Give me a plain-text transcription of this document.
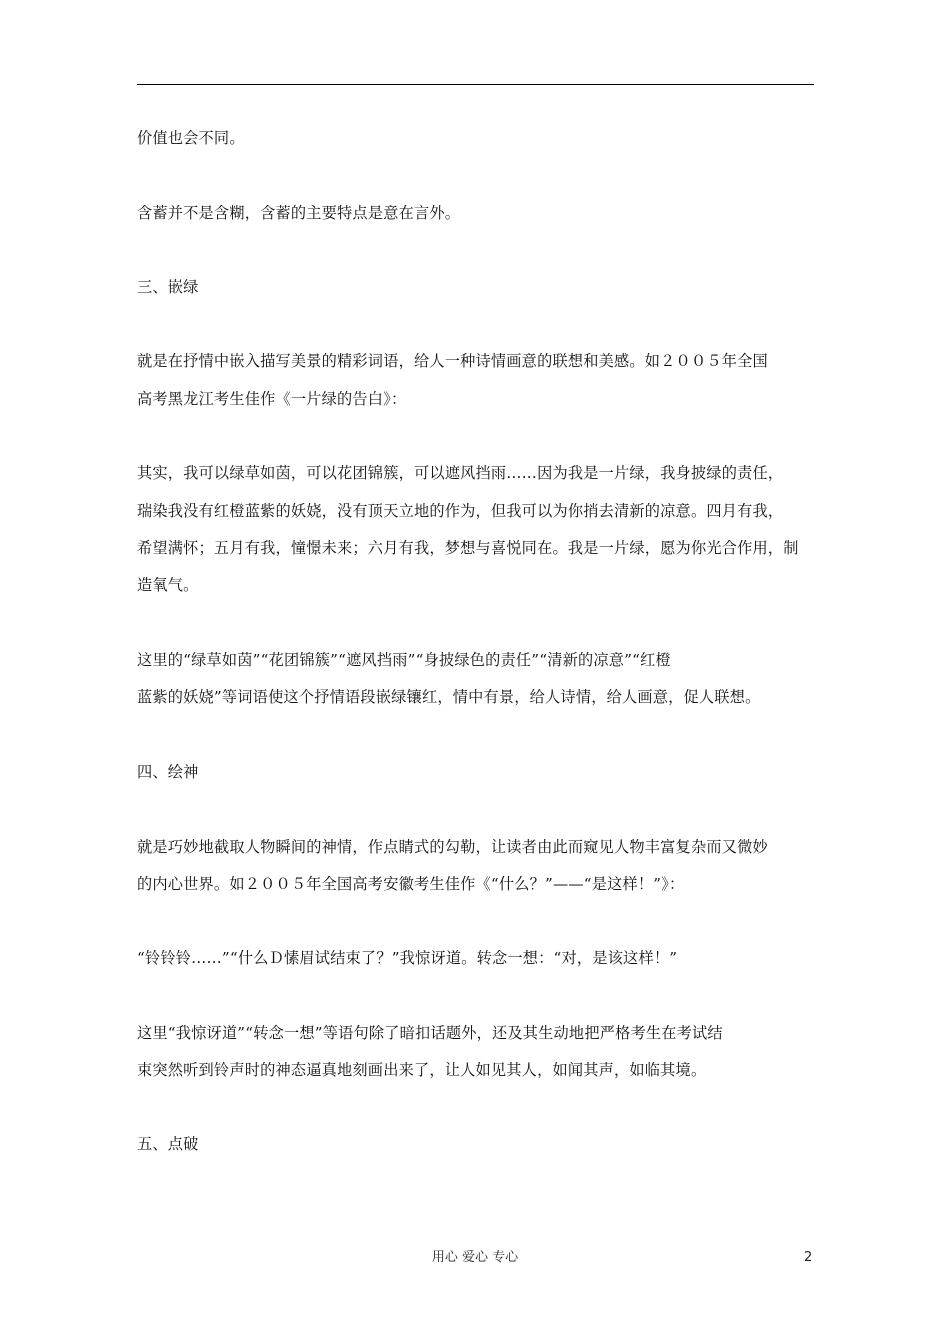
价值也会不同。
含蓄并不是含糊，含蓄的主要特点是意在言外。
三、嵌绿
就是在抒情中嵌入描写美景的精彩词语，给人一种诗情画意的联想和美感。如２００５年全国
高考黑龙江考生佳作《一片绿的告白》：
其实，我可以绿草如茵，可以花团锦簇，可以遮风挡雨……因为我是一片绿，我身披绿的责任，
瑞染我没有红橙蓝紫的妖娆，没有顶天立地的作为，但我可以为你捎去清新的凉意。四月有我，
希望满怀；五月有我，憧憬未来；六月有我，梦想与喜悦同在。我是一片绿，愿为你光合作用，制
造氧气。
这里的“绿草如茵”“花团锦簇”“遮风挡雨”“身披绿色的责任”“清新的凉意”“红橙
蓝紫的妖娆”等词语使这个抒情语段嵌绿镶红，情中有景，给人诗情，给人画意，促人联想。
四、绘神
就是巧妙地截取人物瞬间的神情，作点睛式的勾勒，让读者由此而窥见人物丰富复杂而又微妙
的内心世界。如２００５年全国高考安徽考生佳作《“什么？”——“是这样！”》：
“铃铃铃……”“什么Ｄ愫眉试结束了？”我惊讶道。转念一想：“对，是该这样！”
这里“我惊讶道”“转念一想”等语句除了暗扣话题外，还及其生动地把严格考生在考试结
束突然听到铃声时的神态逼真地刻画出来了，让人如见其人，如闻其声，如临其境。
五、点破
用心 爱心 专心	2
